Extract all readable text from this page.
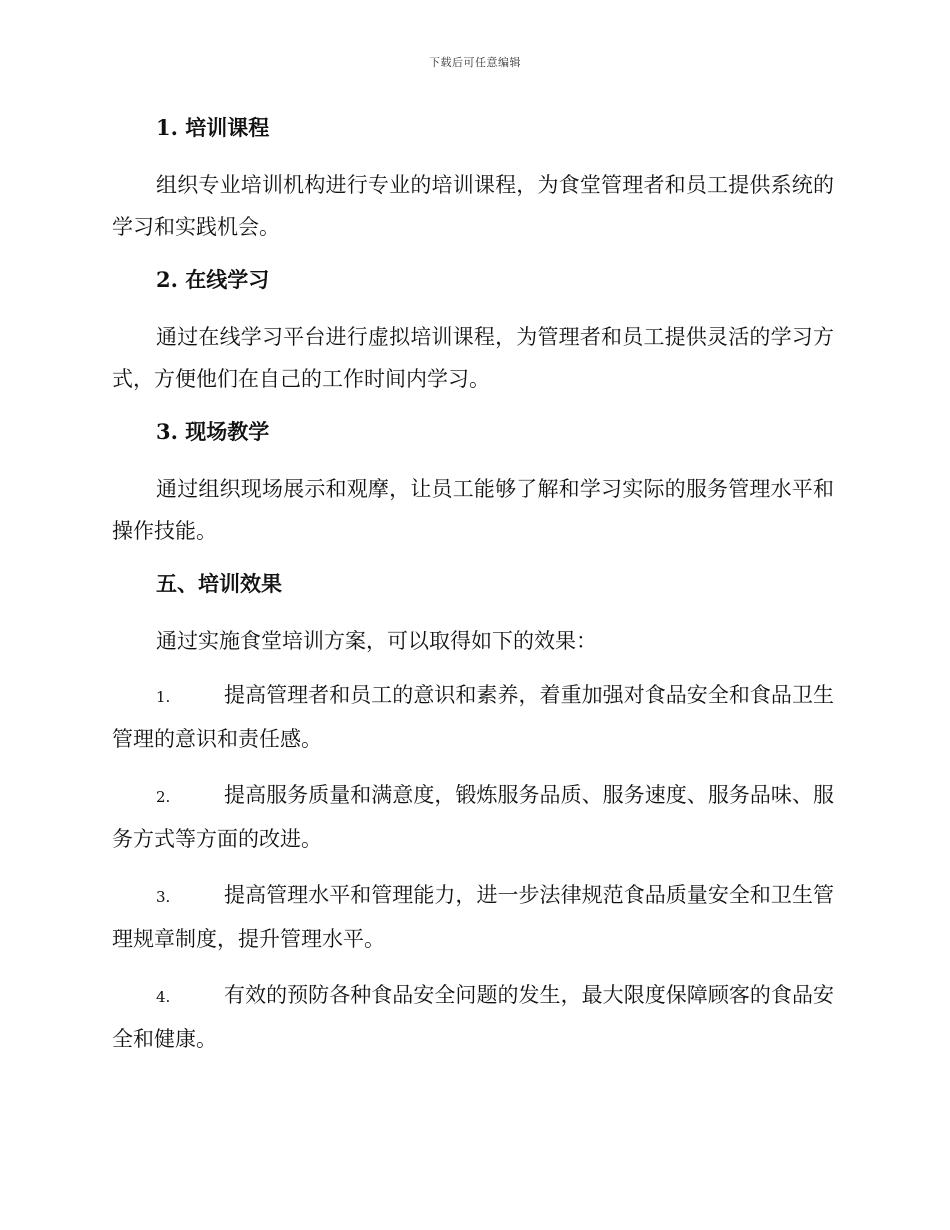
下载后可任意编辑
1. 培训课程

组织专业培训机构进行专业的培训课程，为食堂管理者和员工提供系统的学习和实践机会。

2. 在线学习

通过在线学习平台进行虚拟培训课程，为管理者和员工提供灵活的学习方式，方便他们在自己的工作时间内学习。

3. 现场教学

通过组织现场展示和观摩，让员工能够了解和学习实际的服务管理水平和操作技能。

五、培训效果

通过实施食堂培训方案，可以取得如下的效果：

1.	提高管理者和员工的意识和素养，着重加强对食品安全和食品卫生管理的意识和责任感。

2.	提高服务质量和满意度，锻炼服务品质、服务速度、服务品味、服务方式等方面的改进。

3.	提高管理水平和管理能力，进一步法律规范食品质量安全和卫生管理规章制度，提升管理水平。

4.	有效的预防各种食品安全问题的发生，最大限度保障顾客的食品安全和健康。
